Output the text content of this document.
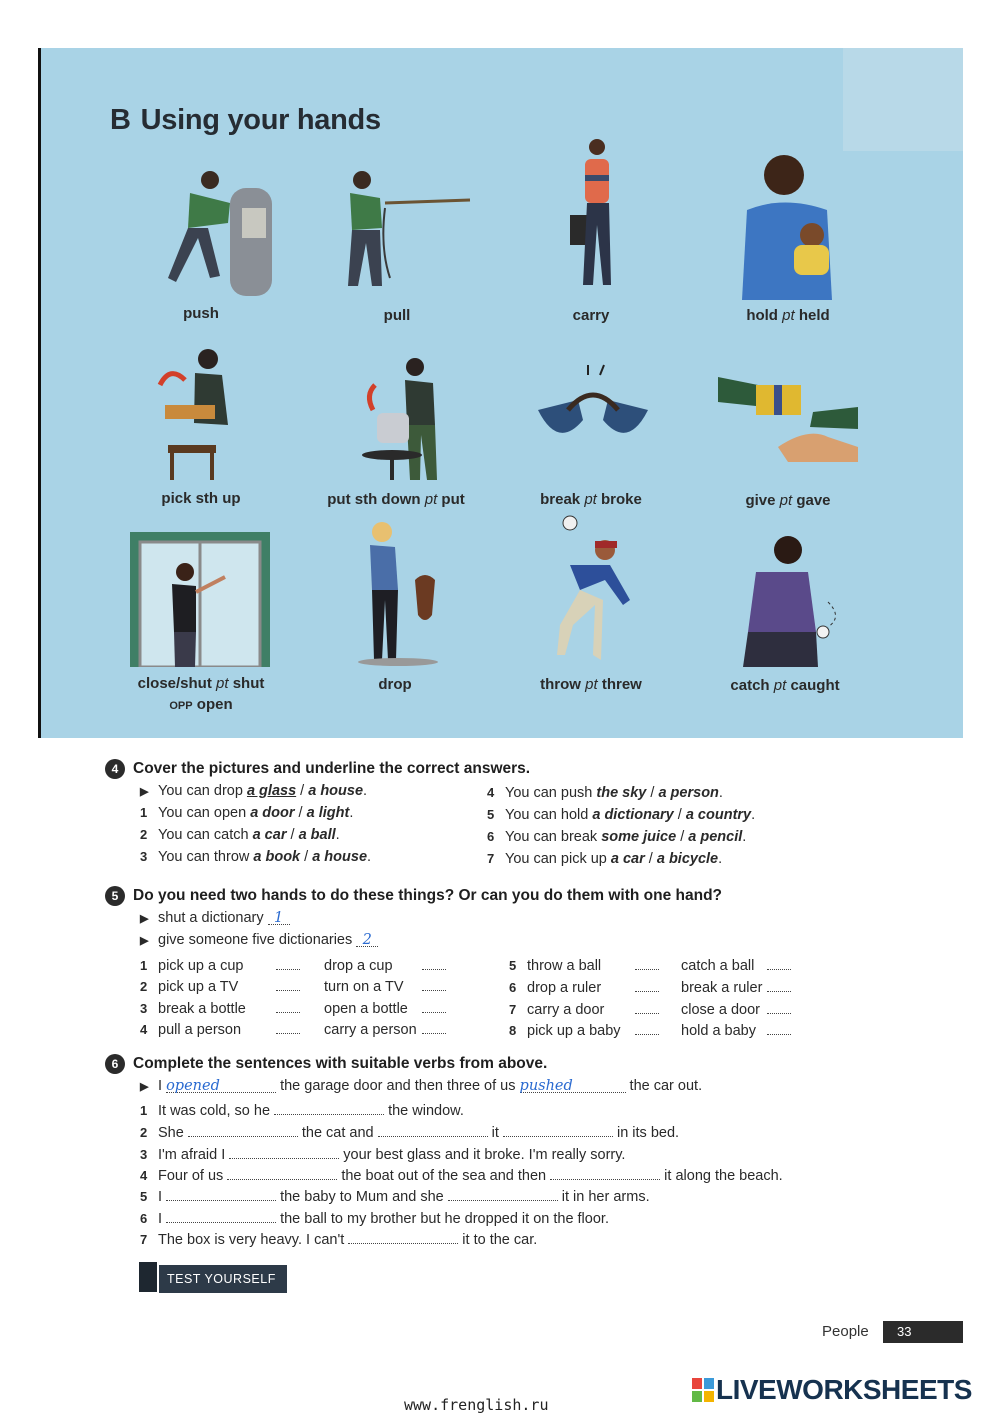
B Using your hands
push	pull	carry	hold pt held
pick sth up	put sth down pt put	break pt broke	give pt gave
close/shut pt shut
OPP open
drop	throw pt threw	catch pt caught
4 Cover the pictures and underline the correct answers.
▶ You can drop a glass / a house.
1 You can open a door / a light.
2 You can catch a car / a ball.
3 You can throw a book / a house.
4 You can push the sky / a person.
5 You can hold a dictionary / a country.
6 You can break some juice / a pencil.
7 You can pick up a car / a bicycle.
5 Do you need two hands to do these things? Or can you do them with one hand?
▶ shut a dictionary 1
▶ give someone five dictionaries 2
1 pick up a cup	drop a cup	5 throw a ball	catch a ball
2 pick up a TV	turn on a TV	6 drop a ruler	break a ruler
3 break a bottle	open a bottle	7 carry a door	close a door
4 pull a person	carry a person	8 pick up a baby	hold a baby
6 Complete the sentences with suitable verbs from above.
▶ I opened	the garage door and then three of us pushed	the car out.
1 It was cold, so he	the window.
2 She	the cat and	it	in its bed.
3 I'm afraid I	your best glass and it broke. I'm really sorry.
4 Four of us	the boat out of the sea and then	it along the beach.
5 I	the baby to Mum and she	it in her arms.
6 I	the ball to my brother but he dropped it on the floor.
7 The box is very heavy. I can't	it to the car.
TEST YOURSELF
People	33
www.frenglish.ru	LIVEWORKSHEETS
